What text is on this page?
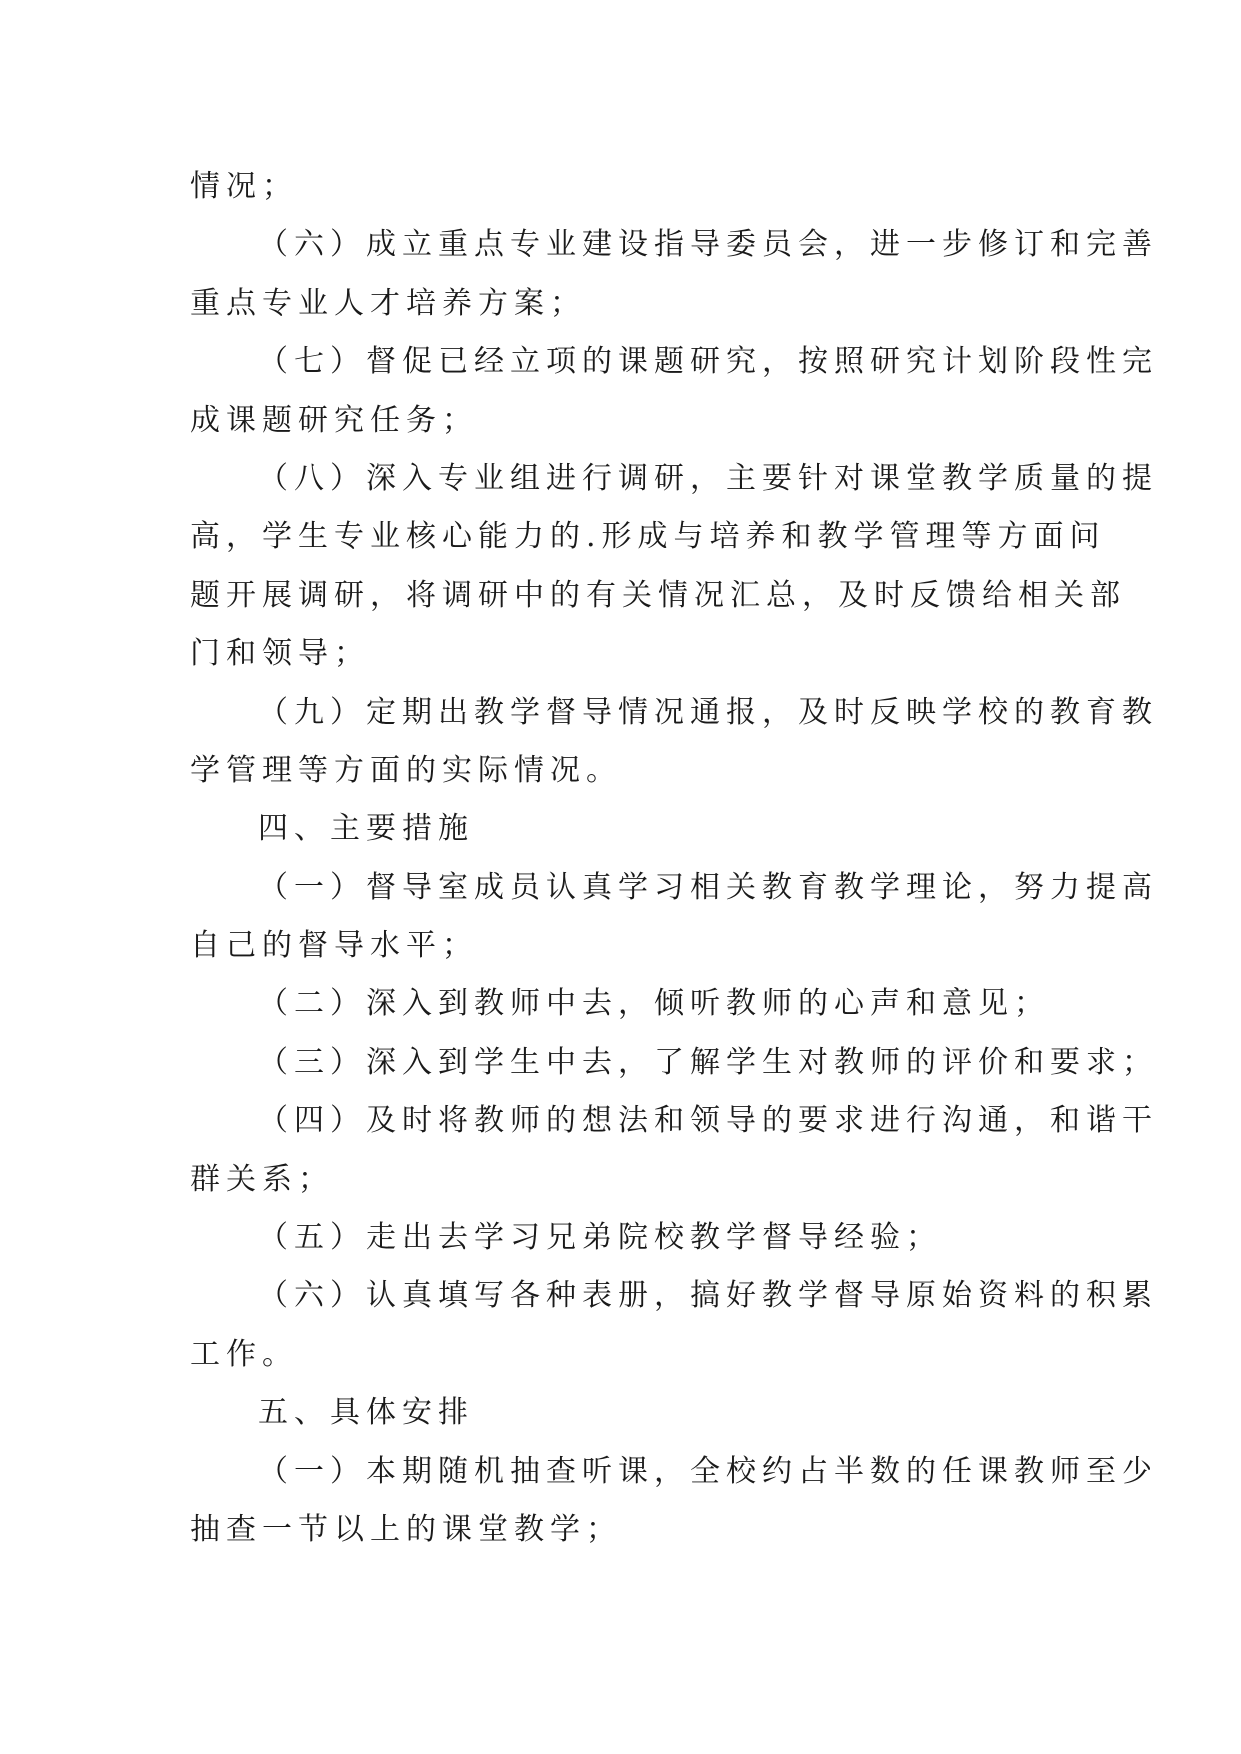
情况；
（六）成立重点专业建设指导委员会，进一步修订和完善
重点专业人才培养方案；
（七）督促已经立项的课题研究，按照研究计划阶段性完
成课题研究任务；
（八）深入专业组进行调研，主要针对课堂教学质量的提
高，学生专业核心能力的.形成与培养和教学管理等方面问
题开展调研，将调研中的有关情况汇总，及时反馈给相关部
门和领导；
（九）定期出教学督导情况通报，及时反映学校的教育教
学管理等方面的实际情况。
四、主要措施
（一）督导室成员认真学习相关教育教学理论，努力提高
自己的督导水平；
（二）深入到教师中去，倾听教师的心声和意见；
（三）深入到学生中去，了解学生对教师的评价和要求；
（四）及时将教师的想法和领导的要求进行沟通，和谐干
群关系；
（五）走出去学习兄弟院校教学督导经验；
（六）认真填写各种表册，搞好教学督导原始资料的积累
工作。
五、具体安排
（一）本期随机抽查听课，全校约占半数的任课教师至少
抽查一节以上的课堂教学；
